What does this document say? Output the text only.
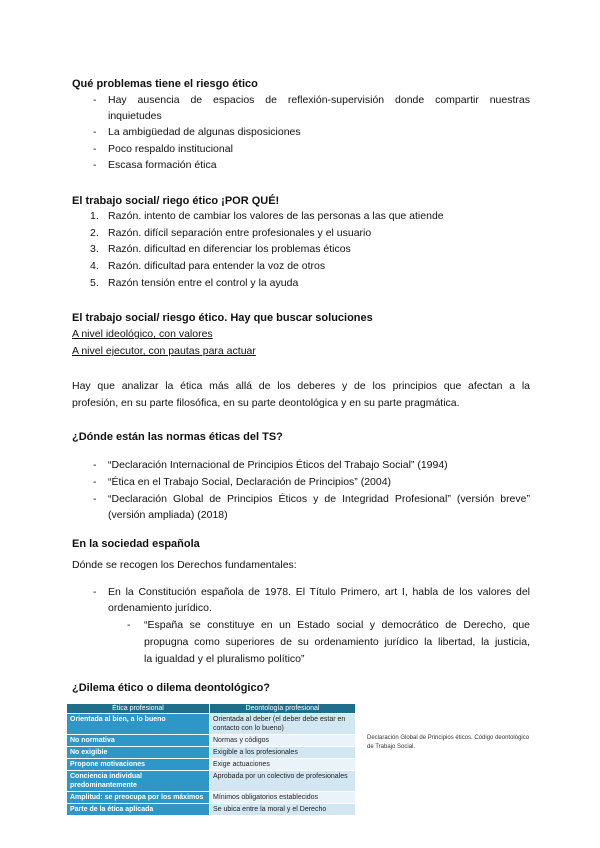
Qué problemas tiene el riesgo ético
- Hay ausencia de espacios de reflexión-supervisión donde compartir nuestras
inquietudes
- La ambigüedad de algunas disposiciones
- Poco respaldo institucional
- Escasa formación ética
El trabajo social/ riego ético ¡POR QUÉ!
1. Razón. intento de cambiar los valores de las personas a las que atiende
2. Razón. difícil separación entre profesionales y el usuario
3. Razón. dificultad en diferenciar los problemas éticos
4. Razón. dificultad para entender la voz de otros
5. Razón tensión entre el control y la ayuda
El trabajo social/ riesgo ético. Hay que buscar soluciones
A nivel ideológico, con valores
A nivel ejecutor, con pautas para actuar
Hay que analizar la ética más allá de los deberes y de los principios que afectan a la
profesión, en su parte filosófica, en su parte deontológica y en su parte pragmática.
¿Dónde están las normas éticas del TS?
- “Declaración Internacional de Principios Éticos del Trabajo Social” (1994)
- “Ética en el Trabajo Social, Declaración de Principios” (2004)
- “Declaración Global de Principios Éticos y de Integridad Profesional” (versión breve”
(versión ampliada) (2018)
En la sociedad española
Dónde se recogen los Derechos fundamentales:
- En la Constitución española de 1978. El Título Primero, art I, habla de los valores del
ordenamiento jurídico.
- “España se constituye en un Estado social y democrático de Derecho, que
propugna como superiores de su ordenamiento jurídico la libertad, la justicia,
la igualdad y el pluralismo político”
¿Dilema ético o dilema deontológico?
Ética profesional	Deontología profesional
Orientada al bien, a lo bueno	Orientada al deber (el deber debe estar en contacto con lo bueno)
No normativa	Normas y códigos
No exigible	Exigible a los profesionales
Propone motivaciones	Exige actuaciones
Conciencia individual predominantemente	Aprobada por un colectivo de profesionales
Amplitud: se preocupa por los máximos	Mínimos obligatorios establecidos
Parte de la ética aplicada	Se ubica entre la moral y el Derecho
Declaración Global de Principios éticos. Código deontológico de Trabajo Social.
